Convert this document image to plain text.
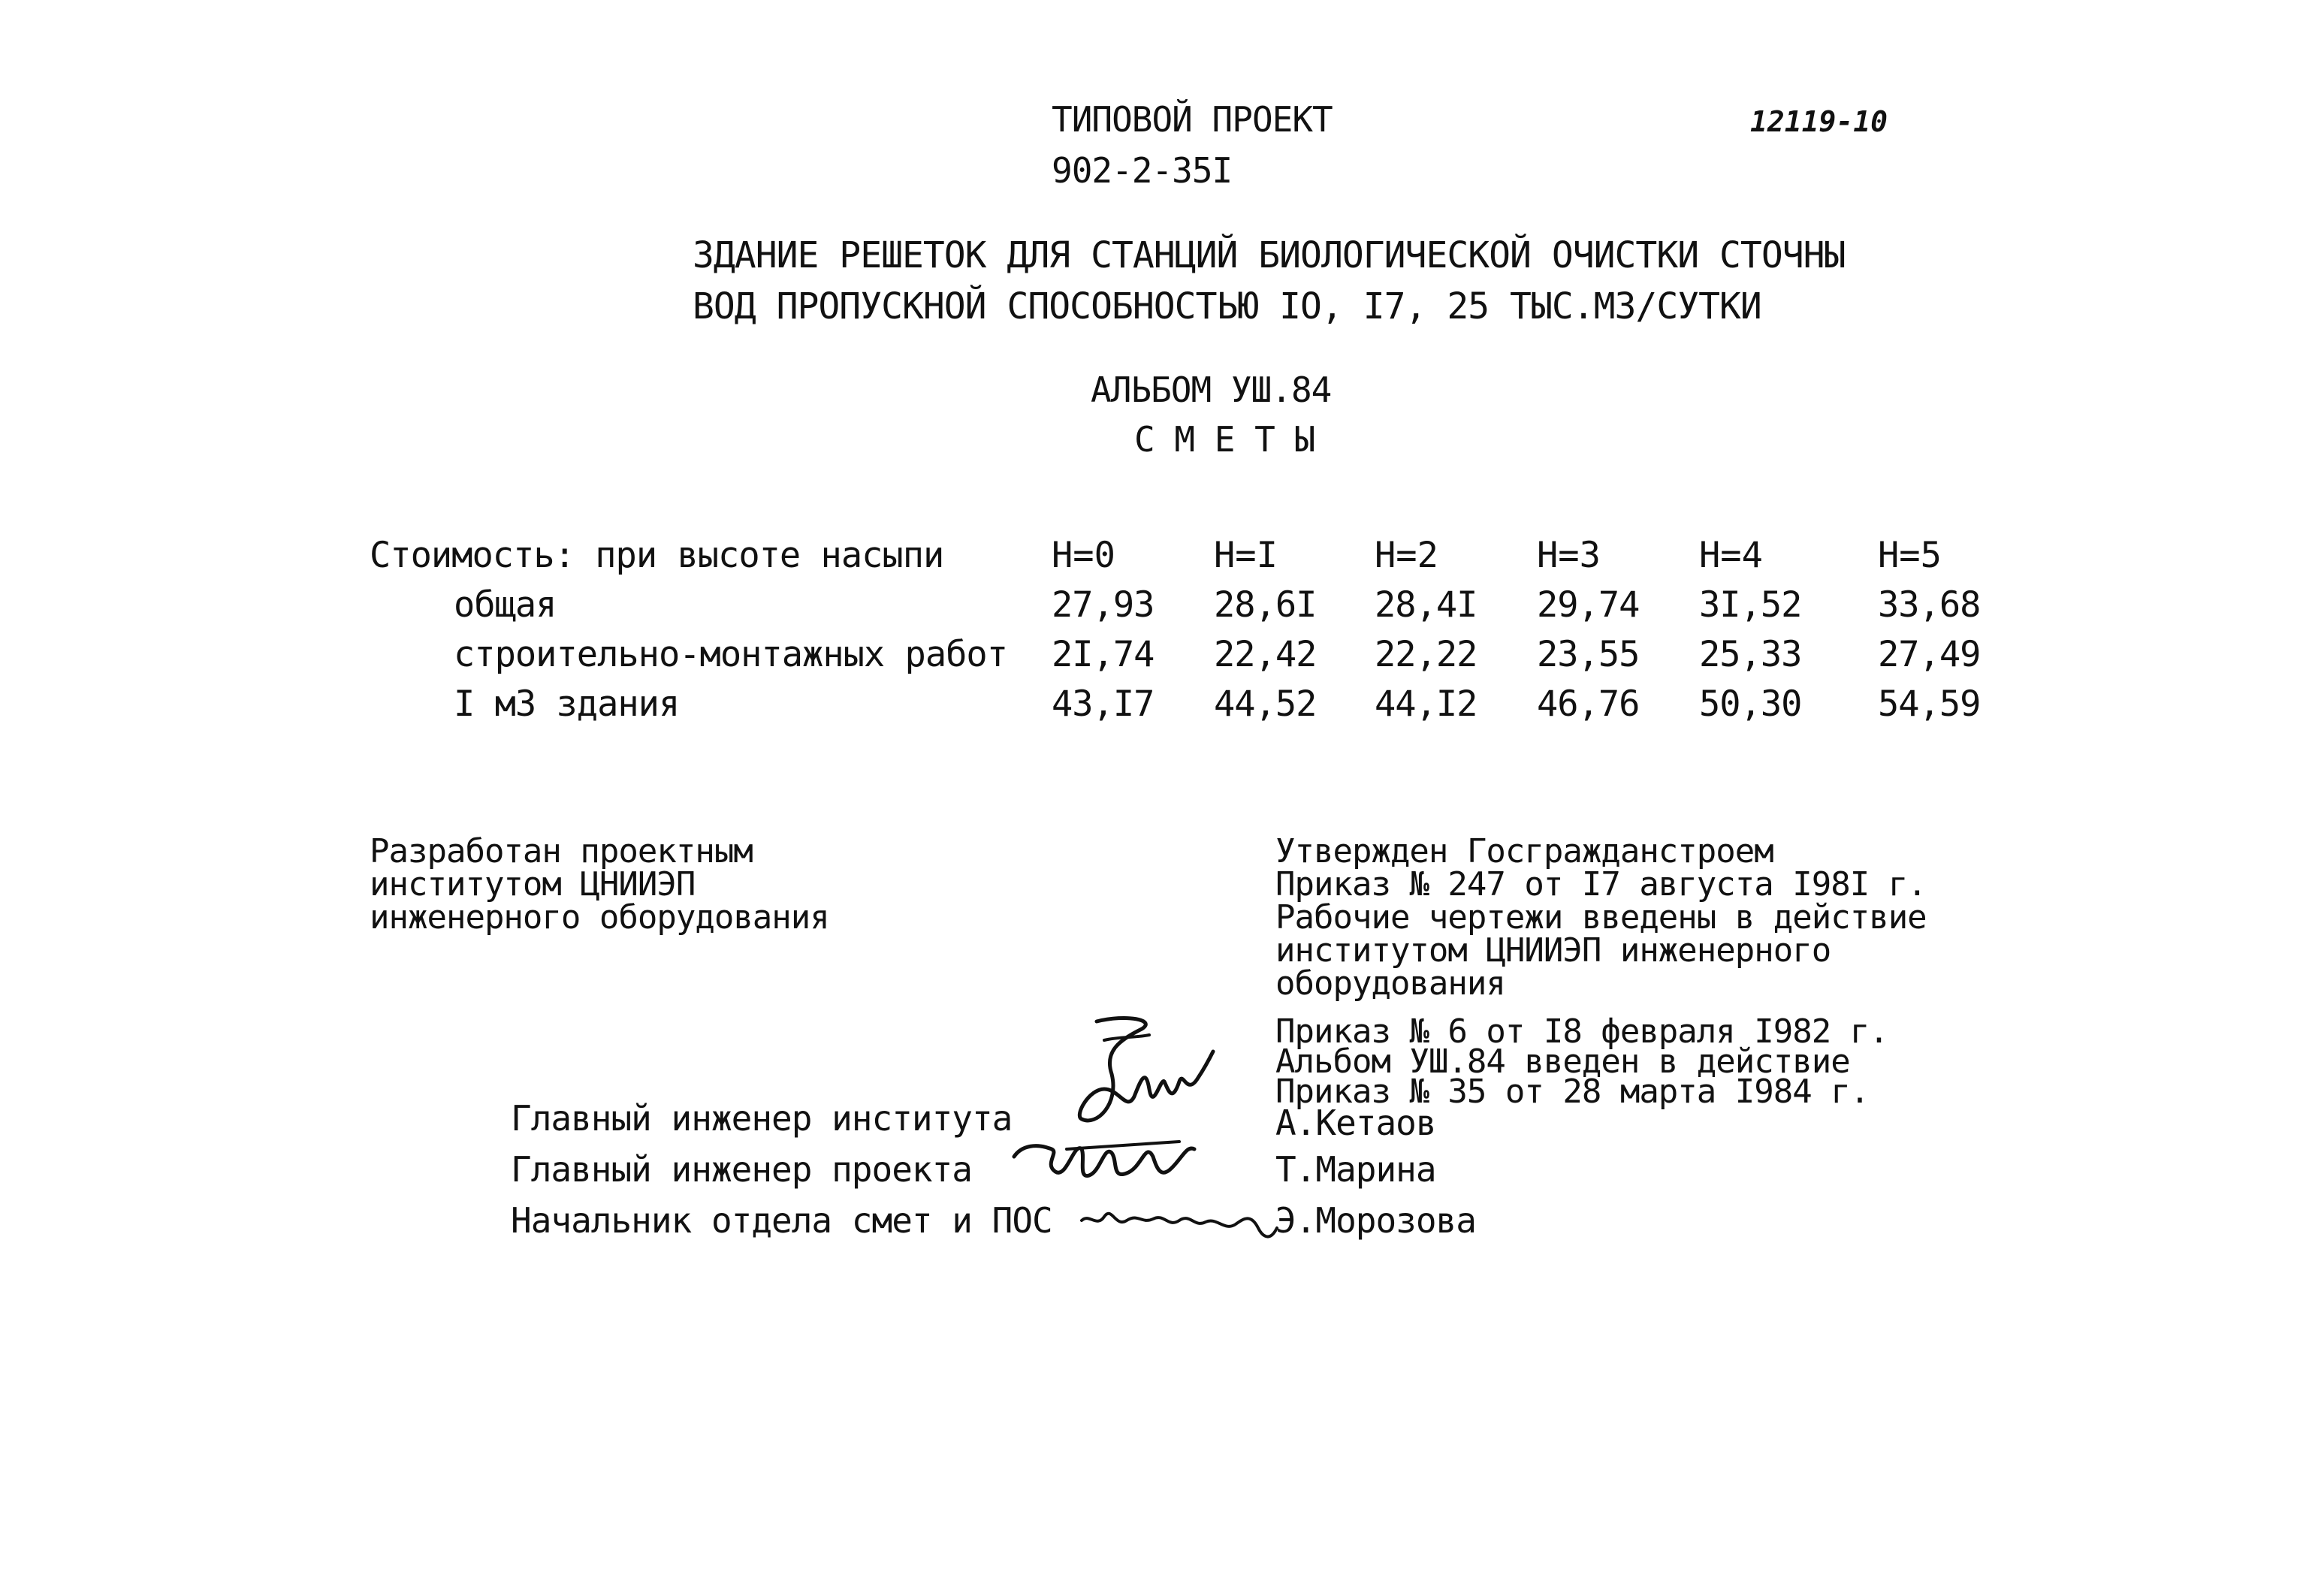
ТИПОВОЙ ПРОЕКТ
902-2-35I
12119-10
ЗДАНИЕ РЕШЕТОК ДЛЯ СТАНЦИЙ БИОЛОГИЧЕСКОЙ ОЧИСТКИ СТОЧНЫ
ВОД ПРОПУСКНОЙ СПОСОБНОСТЬЮ IO, I7, 25 ТЫС.М3/СУТКИ
АЛЬБОМ УШ.84
С М Е Т Ы
Стоимость: при высоте насыпи	Н=0	Н=I	Н=2	Н=3	Н=4	Н=5
общая	27,93 28,6I 28,4I 29,74 3I,52 33,68
строительно-монтажных работ 2I,74 22,42 22,22 23,55 25,33 27,49
I м3 здания	43,I7 44,52 44,I2 46,76 50,30 54,59
Разработан проектным
институтом ЦНИИЭП
инженерного оборудования
Утвержден Госгражданстроем
Приказ № 247 от I7 августа I98I г.
Рабочие чертежи введены в действие
институтом ЦНИИЭП инженерного
оборудования
Приказ № 6 от I8 февраля I982 г.
Альбом УШ.84 введен в действие
Приказ № 35 от 28 марта I984 г.
Главный инженер института	А.Кетаов
Главный инженер проекта	Т.Марина
Начальник отдела смет и ПОС	Э.Морозова
